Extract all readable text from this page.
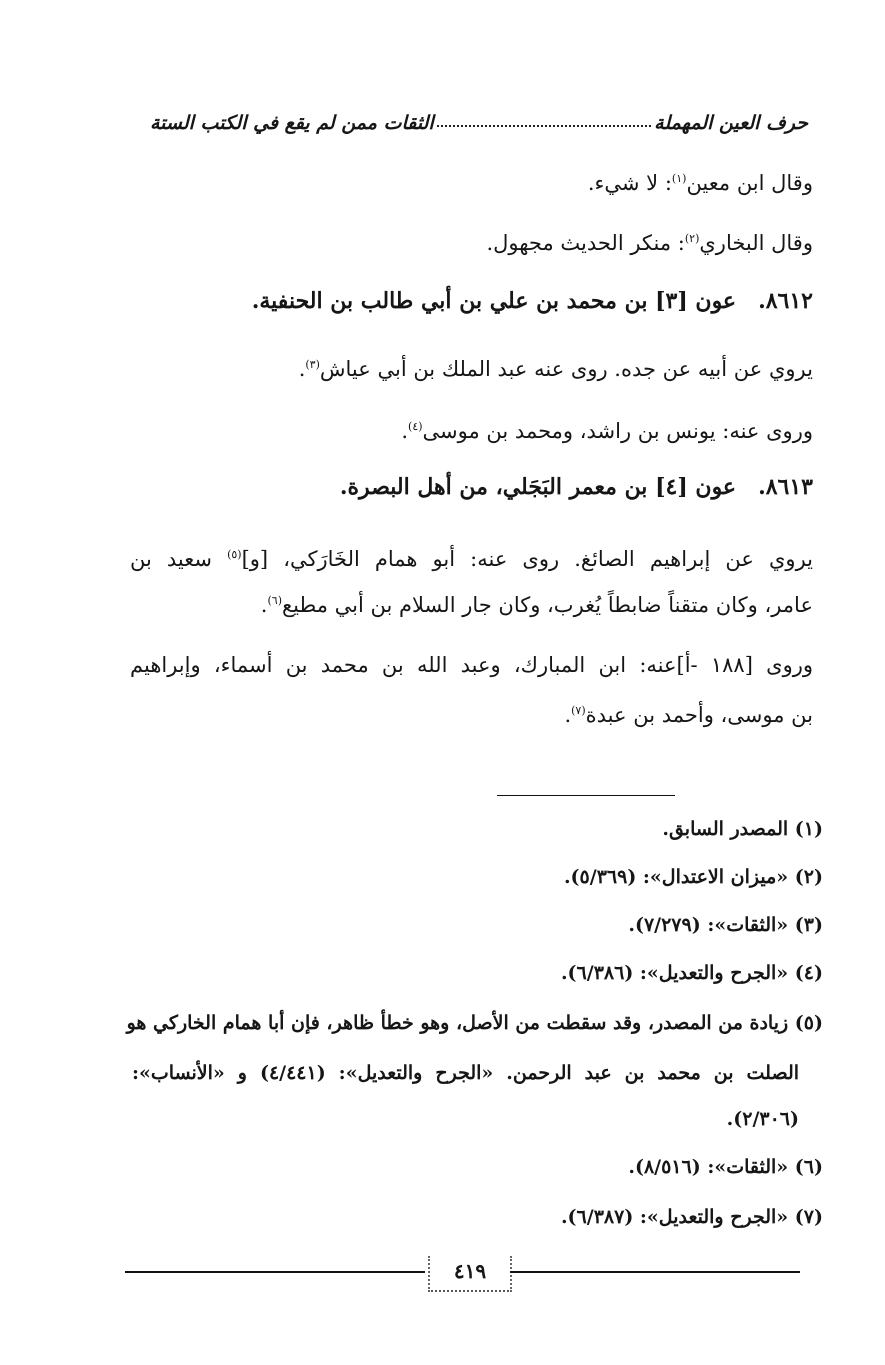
حرف العين المهملة
الثقات ممن لم يقع في الكتب الستة
وقال ابن معين$^{(١)}$: لا شيء.
وقال البخاري$^{(٢)}$: منكر الحديث مجهول.
٨٦١٢.عون [٣] بن محمد بن علي بن أبي طالب بن الحنفية.
يروي عن أبيه عن جده. روى عنه عبد الملك بن أبي عياش$^{(٣)}$.
وروى عنه: يونس بن راشد، ومحمد بن موسى$^{(٤)}$.
٨٦١٣.عون [٤] بن معمر البَجَلي، من أهل البصرة.
يروي عن إبراهيم الصائغ. روى عنه: أبو همام الخَارَكي، [و]$^{(٥)}$ سعيد بن
عامر، وكان متقناً ضابطاً يُغرب، وكان جار السلام بن أبي مطيع$^{(٦)}$.
وروى [١٨٨ -أ]عنه: ابن المبارك، وعبد الله بن محمد بن أسماء، وإبراهيم
بن موسى، وأحمد بن عبدة$^{(٧)}$.
(١) المصدر السابق.
(٢) «ميزان الاعتدال»: (٥/٣٦٩).
(٣) «الثقات»: (٧/٢٧٩).
(٤) «الجرح والتعديل»: (٦/٣٨٦).
(٥) زيادة من المصدر، وقد سقطت من الأصل، وهو خطأ ظاهر، فإن أبا همام الخاركي هو
الصلت بن محمد بن عبد الرحمن. «الجرح والتعديل»: (٤/٤٤١) و «الأنساب»:
(٢/٣٠٦).
(٦) «الثقات»: (٨/٥١٦).
(٧) «الجرح والتعديل»: (٦/٣٨٧).
٤١٩
